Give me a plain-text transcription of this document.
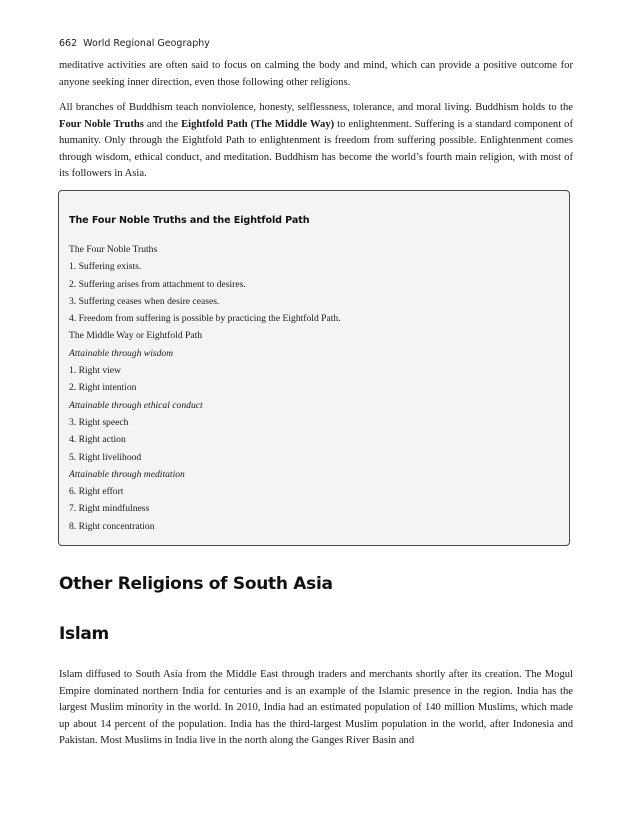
662 World Regional Geography

meditative activities are often said to focus on calming the body and mind, which can provide a positive outcome for anyone seeking inner direction, even those following other religions.

All branches of Buddhism teach nonviolence, honesty, selflessness, tolerance, and moral living. Buddhism holds to the Four Noble Truths and the Eightfold Path (The Middle Way) to enlightenment. Suffering is a standard component of humanity. Only through the Eightfold Path to enlightenment is freedom from suffering possible. Enlightenment comes through wisdom, ethical conduct, and meditation. Buddhism has become the world’s fourth main religion, with most of its followers in Asia.

The Four Noble Truths and the Eightfold Path
The Four Noble Truths
1. Suffering exists.
2. Suffering arises from attachment to desires.
3. Suffering ceases when desire ceases.
4. Freedom from suffering is possible by practicing the Eightfold Path.
The Middle Way or Eightfold Path
Attainable through wisdom
1. Right view
2. Right intention
Attainable through ethical conduct
3. Right speech
4. Right action
5. Right livelihood
Attainable through meditation
6. Right effort
7. Right mindfulness
8. Right concentration
Other Religions of South Asia
Islam

Islam diffused to South Asia from the Middle East through traders and merchants shortly after its creation. The Mogul Empire dominated northern India for centuries and is an example of the Islamic presence in the region. India has the largest Muslim minority in the world. In 2010, India had an estimated population of 140 million Muslims, which made up about 14 percent of the population. India has the third-largest Muslim population in the world, after Indonesia and Pakistan. Most Muslims in India live in the north along the Ganges River Basin and
